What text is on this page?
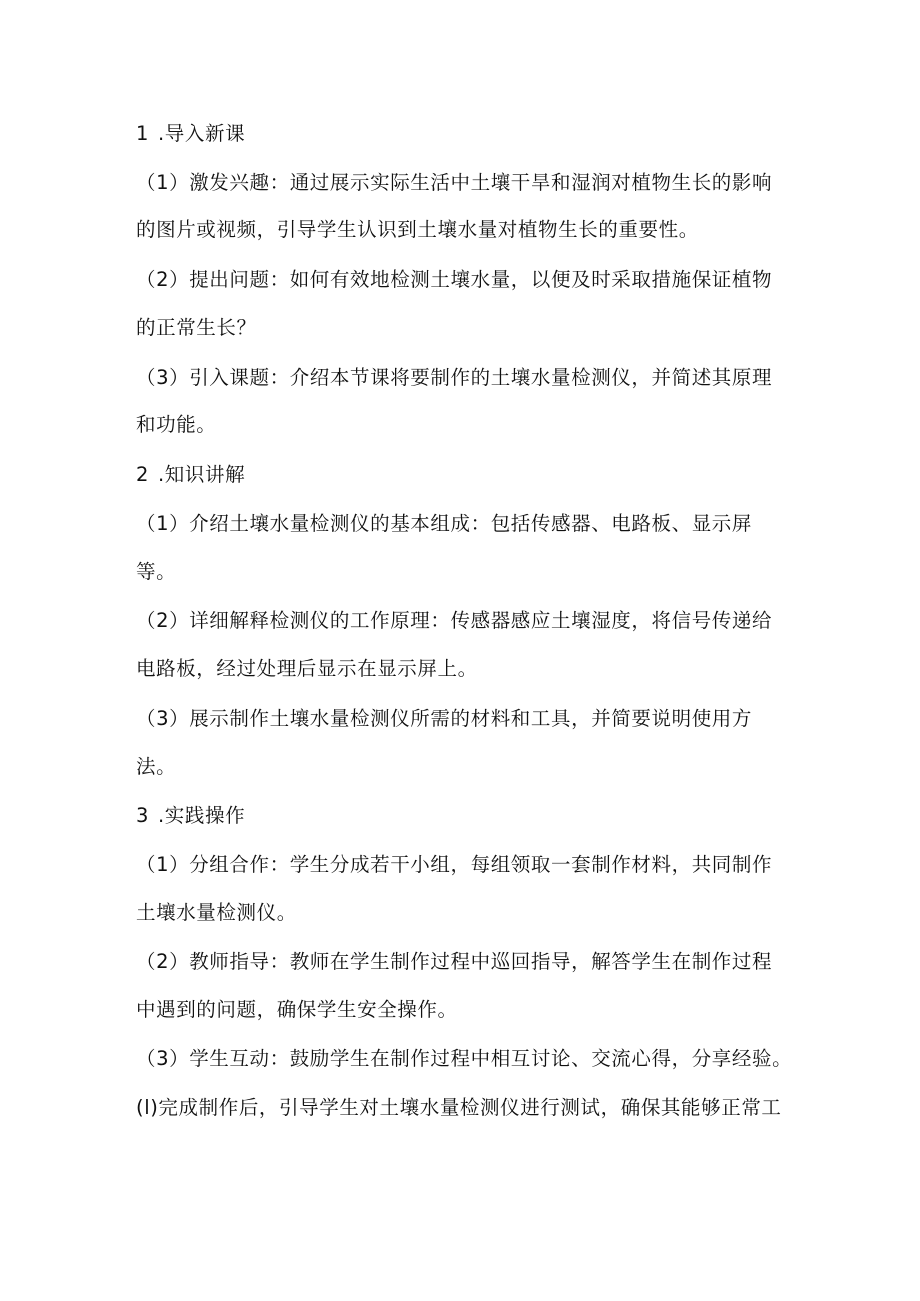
1 .导入新课
（1）激发兴趣：通过展示实际生活中土壤干旱和湿润对植物生长的影响
的图片或视频，引导学生认识到土壤水量对植物生长的重要性。
（2）提出问题：如何有效地检测土壤水量，以便及时采取措施保证植物
的正常生长？
（3）引入课题：介绍本节课将要制作的土壤水量检测仪，并简述其原理
和功能。
2 .知识讲解
（1）介绍土壤水量检测仪的基本组成：包括传感器、电路板、显示屏
等。
（2）详细解释检测仪的工作原理：传感器感应土壤湿度，将信号传递给
电路板，经过处理后显示在显示屏上。
（3）展示制作土壤水量检测仪所需的材料和工具，并简要说明使用方
法。
3 .实践操作
（1）分组合作：学生分成若干小组，每组领取一套制作材料，共同制作
土壤水量检测仪。
（2）教师指导：教师在学生制作过程中巡回指导，解答学生在制作过程
中遇到的问题，确保学生安全操作。
（3）学生互动：鼓励学生在制作过程中相互讨论、交流心得，分享经验。
(l)完成制作后，引导学生对土壤水量检测仪进行测试，确保其能够正常工
